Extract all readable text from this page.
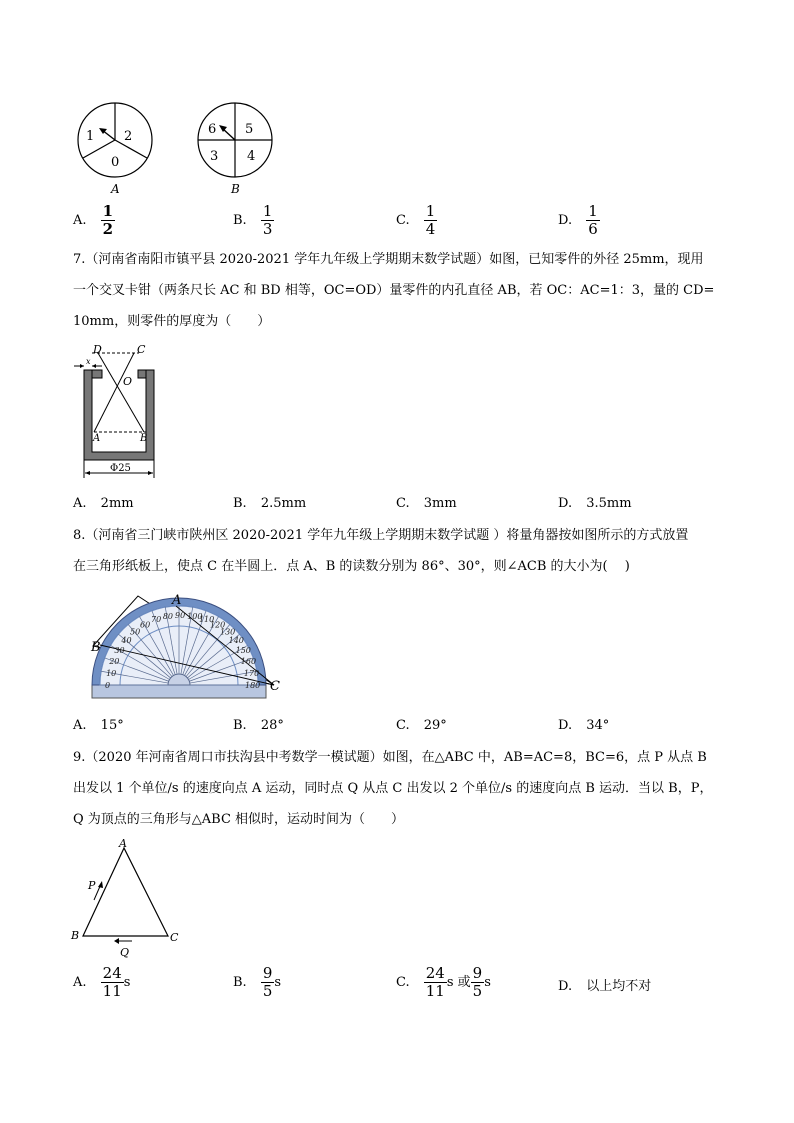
1 2
0
A
6 5
3 4
B
A. $\frac{1}{2}$	B. $\frac{1}{3}$	C. $\frac{1}{4}$	D. $\frac{1}{6}$
7.（河南省南阳市镇平县 2020-2021 学年九年级上学期期末数学试题）如图，已知零件的外径 25mm，现用
一个交叉卡钳（两条尺长 AC 和 BD 相等，OC=OD）量零件的内孔直径 AB，若 OC：AC=1：3，量的 CD=
10mm，则零件的厚度为（　　）
D	C
O
A	B
x
Φ25
A. 2mm	B. 2.5mm	C. 3mm	D. 3.5mm
8.（河南省三门峡市陕州区 2020-2021 学年九年级上学期期末数学试题 ）将量角器按如图所示的方式放置
在三角形纸板上，使点 C 在半圆上．点 A、B 的读数分别为 86°、30°，则∠ACB 的大小为(　 )
A
B
C
0
10
20
30
40
50
60
70 80 90 100
110
120
130
140
150
160
170
180
A. 15°	B. 28°	C. 29°	D. 34°
9.（2020 年河南省周口市扶沟县中考数学一模试题）如图，在△ABC 中，AB=AC=8，BC=6，点 P 从点 B
出发以 1 个单位/s 的速度向点 A 运动，同时点 Q 从点 C 出发以 2 个单位/s 的速度向点 B 运动．当以 B，P，
Q 为顶点的三角形与△ABC 相似时，运动时间为（　　）
A
B	C
P
Q
A. $\frac{24}{11}$ s	B. $\frac{9}{5}$ s	C. $\frac{24}{11}$ s 或 $\frac{9}{5}$ s	D. 以上均不对
